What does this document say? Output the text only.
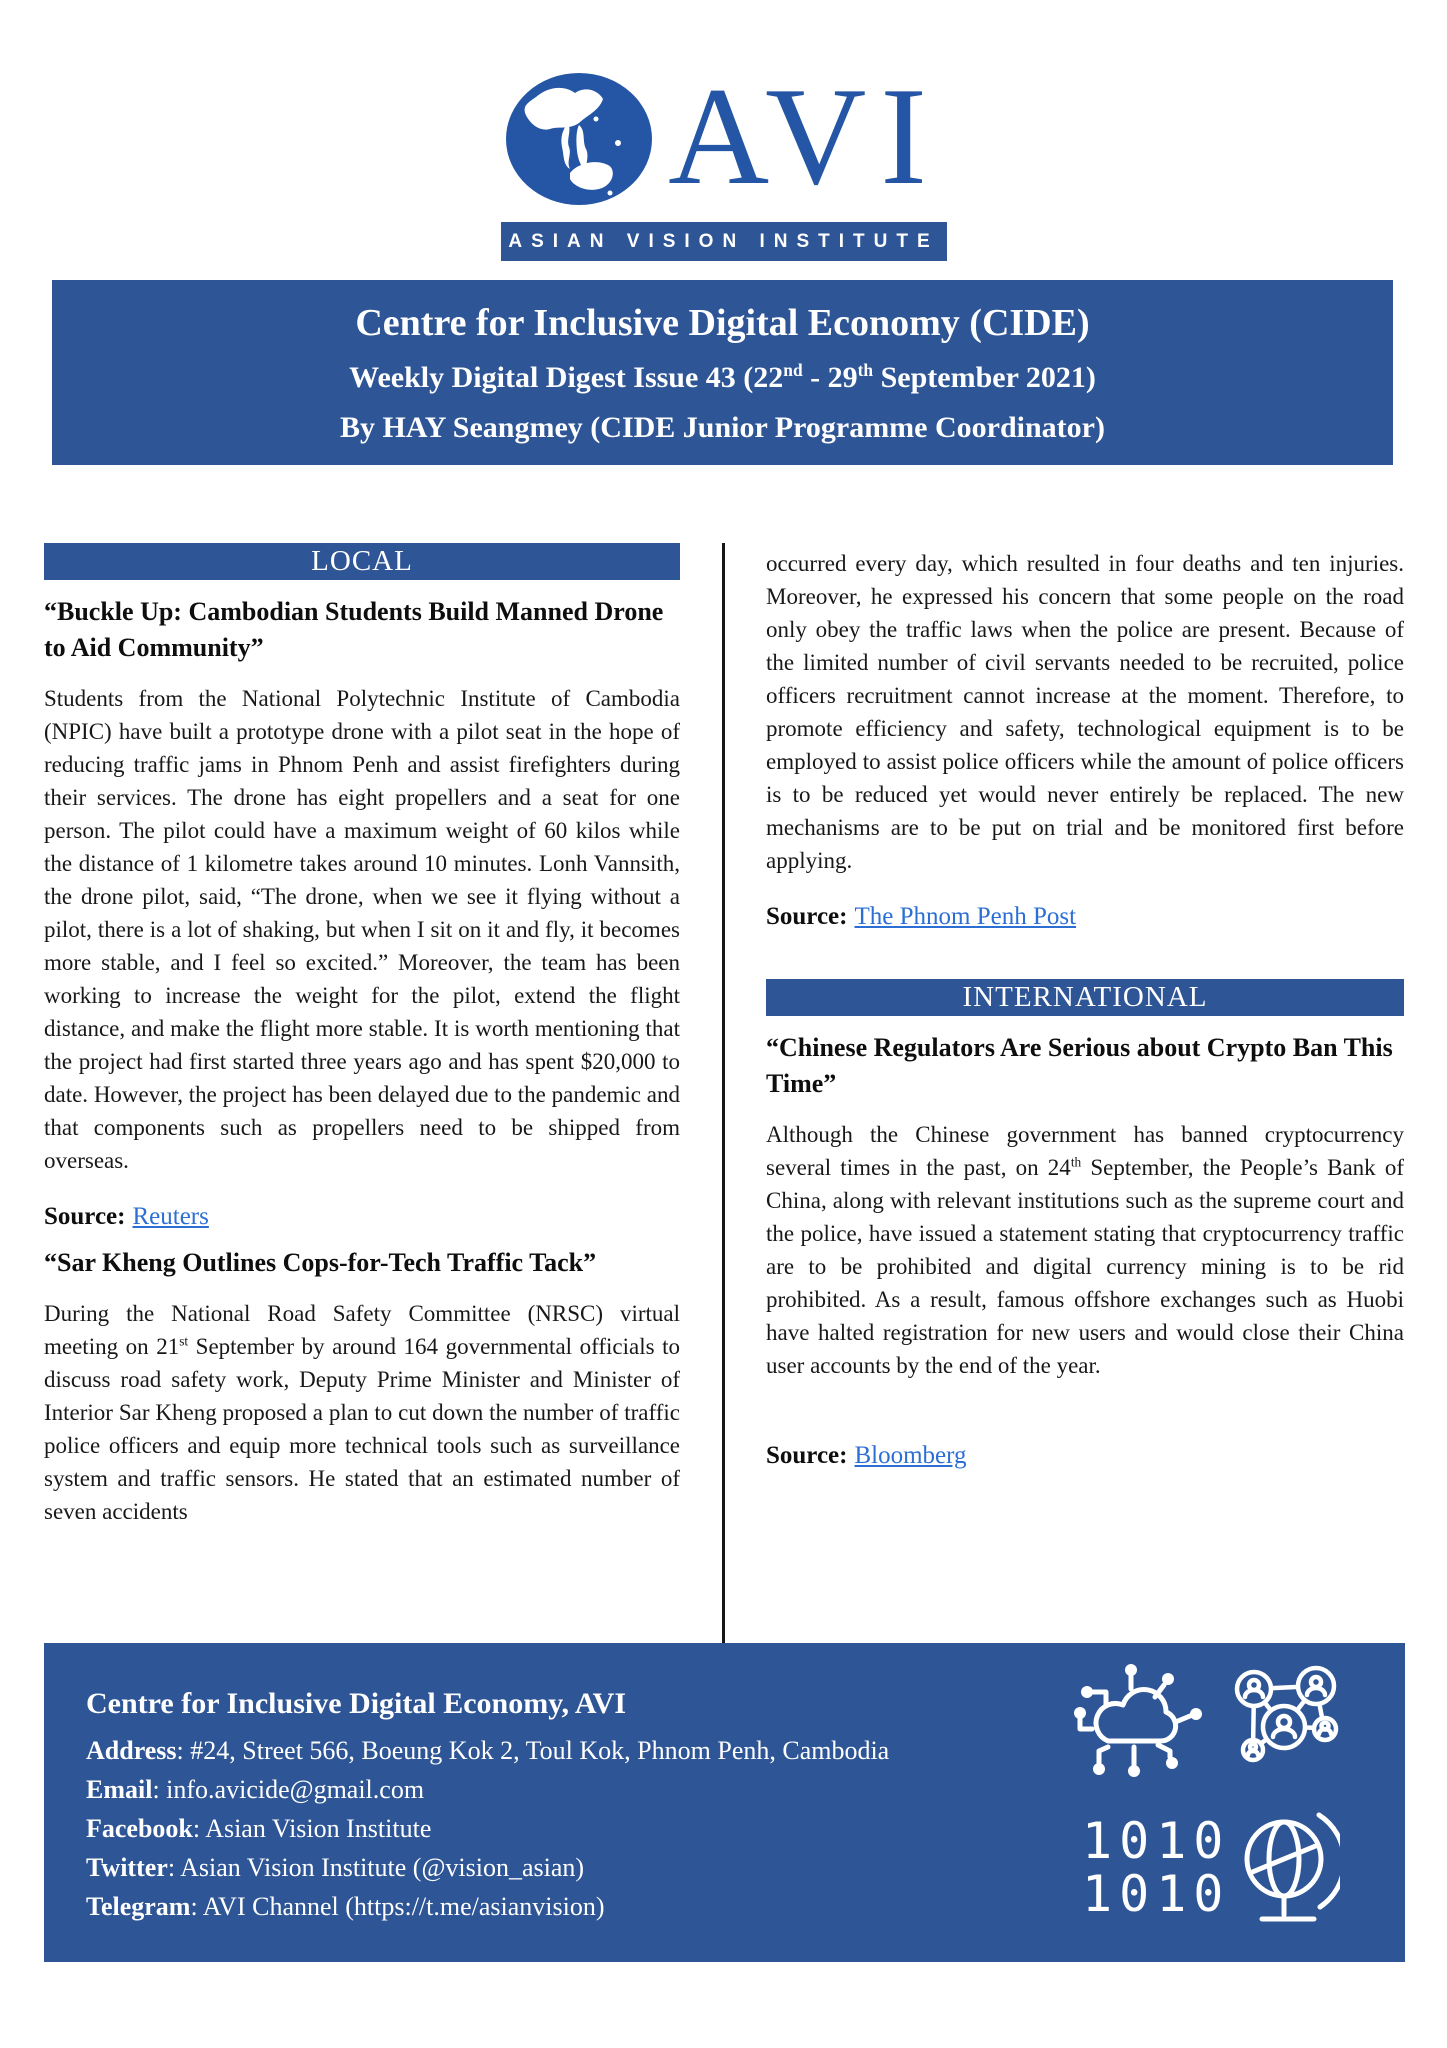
AVI
ASIAN VISION INSTITUTE
Centre for Inclusive Digital Economy (CIDE)
Weekly Digital Digest Issue 43 (22nd - 29th September 2021)
By HAY Seangmey (CIDE Junior Programme Coordinator)
LOCAL
“Buckle Up: Cambodian Students Build Manned Drone to Aid Community”

Students from the National Polytechnic Institute of Cambodia (NPIC) have built a prototype drone with a pilot seat in the hope of reducing traffic jams in Phnom Penh and assist firefighters during their services. The drone has eight propellers and a seat for one person. The pilot could have a maximum weight of 60 kilos while the distance of 1 kilometre takes around 10 minutes. Lonh Vannsith, the drone pilot, said, “The drone, when we see it flying without a pilot, there is a lot of shaking, but when I sit on it and fly, it becomes more stable, and I feel so excited.” Moreover, the team has been working to increase the weight for the pilot, extend the flight distance, and make the flight more stable. It is worth mentioning that the project had first started three years ago and has spent $20,000 to date. However, the project has been delayed due to the pandemic and that components such as propellers need to be shipped from overseas.

Source: Reuters

“Sar Kheng Outlines Cops-for-Tech Traffic Tack”

During the National Road Safety Committee (NRSC) virtual meeting on 21st September by around 164 governmental officials to discuss road safety work, Deputy Prime Minister and Minister of Interior Sar Kheng proposed a plan to cut down the number of traffic police officers and equip more technical tools such as surveillance system and traffic sensors. He stated that an estimated number of seven accidents

occurred every day, which resulted in four deaths and ten injuries. Moreover, he expressed his concern that some people on the road only obey the traffic laws when the police are present. Because of the limited number of civil servants needed to be recruited, police officers recruitment cannot increase at the moment. Therefore, to promote efficiency and safety, technological equipment is to be employed to assist police officers while the amount of police officers is to be reduced yet would never entirely be replaced. The new mechanisms are to be put on trial and be monitored first before applying.

Source: The Phnom Penh Post

INTERNATIONAL
“Chinese Regulators Are Serious about Crypto Ban This Time”

Although the Chinese government has banned cryptocurrency several times in the past, on 24th September, the People’s Bank of China, along with relevant institutions such as the supreme court and the police, have issued a statement stating that cryptocurrency traffic are to be prohibited and digital currency mining is to be rid prohibited. As a result, famous offshore exchanges such as Huobi have halted registration for new users and would close their China user accounts by the end of the year.

Source: Bloomberg

Centre for Inclusive Digital Economy, AVI
Address: #24, Street 566, Boeung Kok 2, Toul Kok, Phnom Penh, Cambodia
Email: info.avicide@gmail.com
Facebook: Asian Vision Institute
Twitter: Asian Vision Institute (@vision_asian)
Telegram: AVI Channel (https://t.me/asianvision)
1010
1010
